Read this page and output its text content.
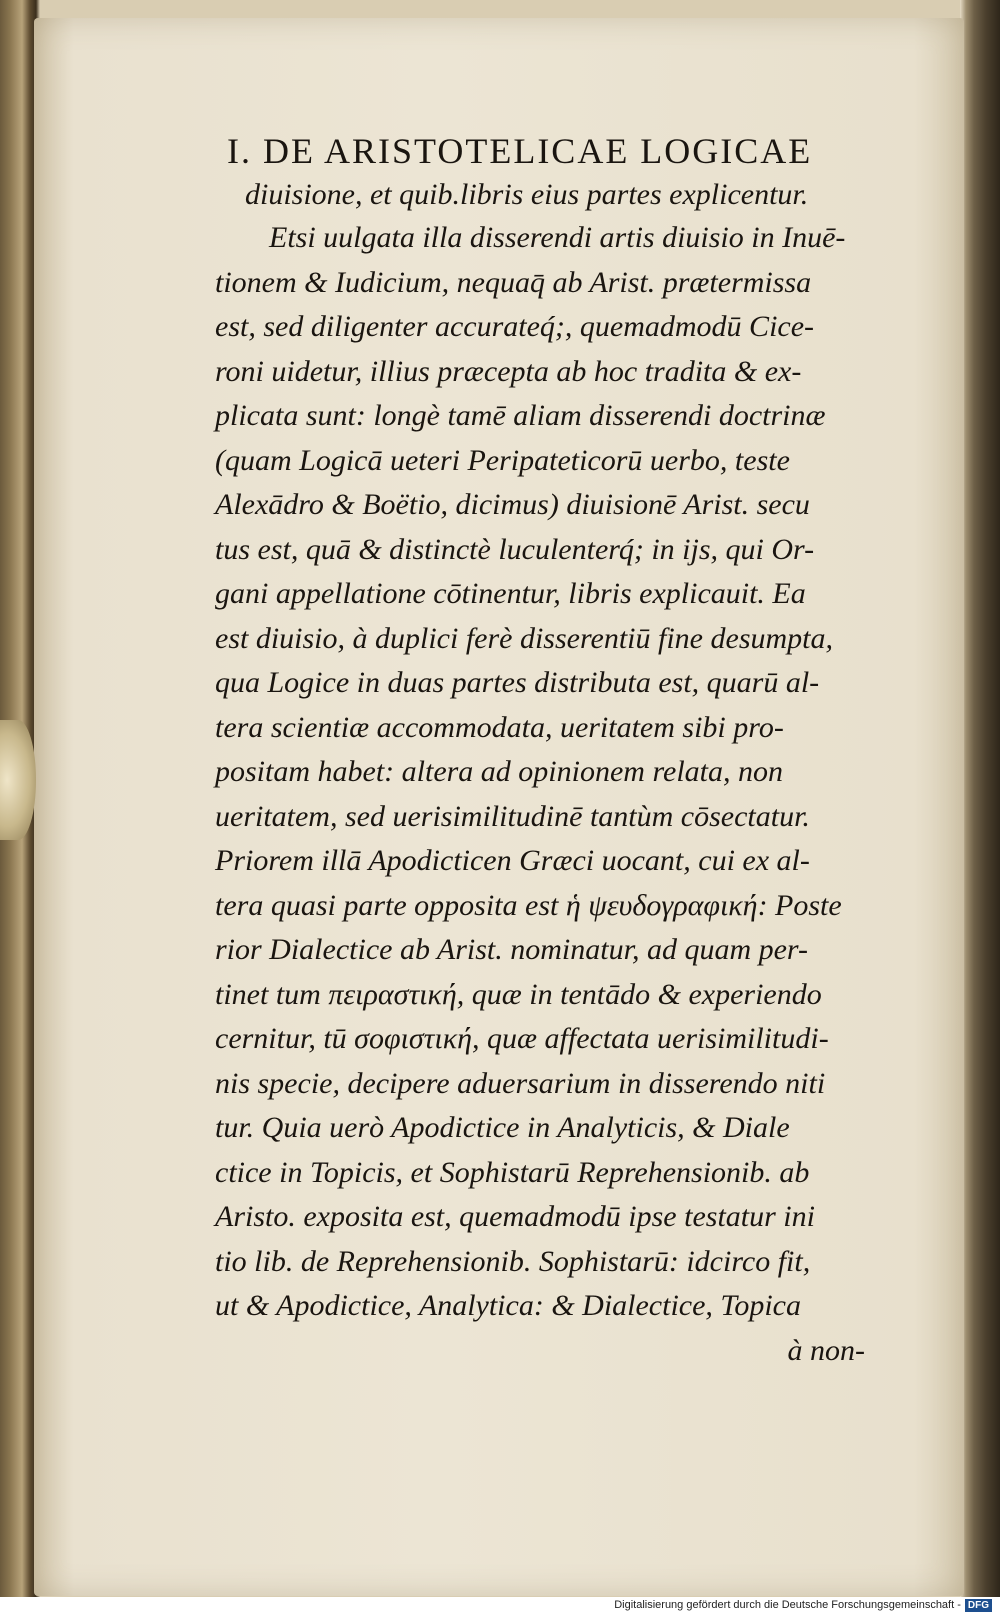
I. DE ARISTOTELICAE LOGICAE

diuisione, et quib.libris eius partes explicentur.

Etsi uulgata illa disserendi artis diuisio in Inuē-

tionem & Iudicium, nequaq̄ ab Arist. prætermissa

est, sed diligenter accurateq́;, quemadmodū Cice-

roni uidetur, illius præcepta ab hoc tradita & ex-

plicata sunt: longè tamē aliam disserendi doctrinæ

(quam Logicā ueteri Peripateticorū uerbo, teste

Alexādro & Boëtio, dicimus) diuisionē Arist. secu

tus est, quā & distinctè luculenterq́; in ijs, qui Or-

gani appellatione cōtinentur, libris explicauit. Ea

est diuisio, à duplici ferè disserentiū fine desumpta,

qua Logice in duas partes distributa est, quarū al-

tera scientiæ accommodata, ueritatem sibi pro-

positam habet: altera ad opinionem relata, non

ueritatem, sed uerisimilitudinē tantùm cōsectatur.

Priorem illā Apodicticen Græci uocant, cui ex al-

tera quasi parte opposita est ἡ ψευδογραφική: Poste

rior Dialectice ab Arist. nominatur, ad quam per-

tinet tum πειραστική, quæ in tentādo & experiendo

cernitur, tū σοφιστική, quæ affectata uerisimilitudi-

nis specie, decipere aduersarium in disserendo niti

tur. Quia uerò Apodictice in Analyticis, & Diale

ctice in Topicis, et Sophistarū Reprehensionib. ab

Aristo. exposita est, quemadmodū ipse testatur ini

tio lib. de Reprehensionib. Sophistarū: idcirco fit,

ut & Apodictice, Analytica: & Dialectice, Topica

à non-

Digitalisierung gefördert durch die Deutsche Forschungsgemeinschaft - DFG
